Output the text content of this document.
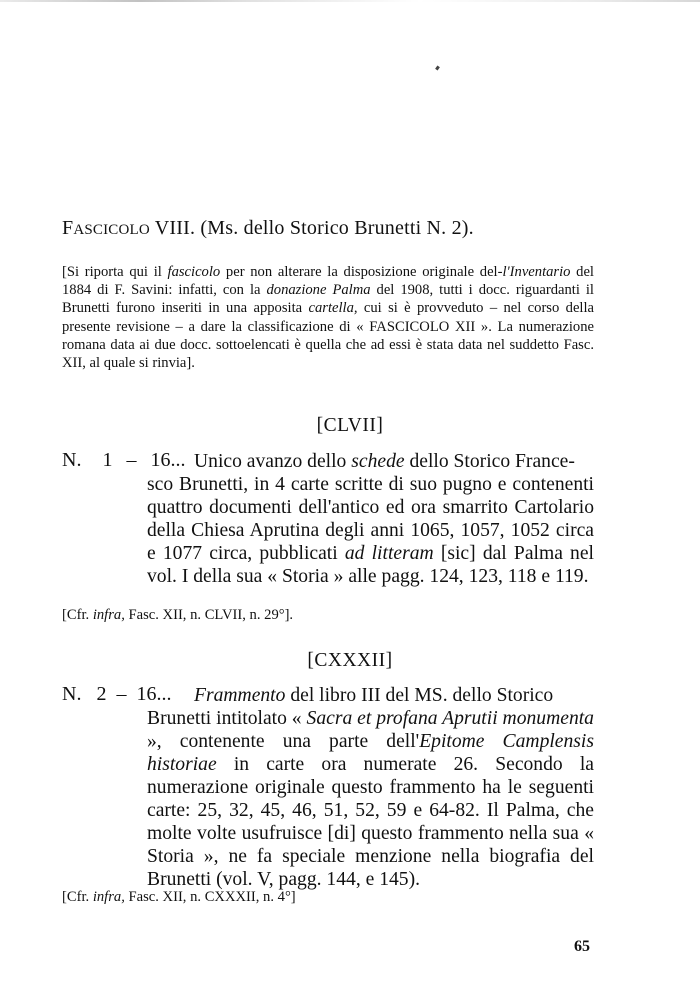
FASCICOLO VIII. (Ms. dello Storico Brunetti N. 2).
[Si riporta qui il fascicolo per non alterare la disposizione originale del-l'Inventario del 1884 di F. Savini: infatti, con la donazione Palma del 1908, tutti i docc. riguardanti il Brunetti furono inseriti in una apposita cartella, cui si è provveduto – nel corso della presente revisione – a dare la classificazione di « FASCICOLO XII ». La numerazione romana data ai due docc. sottoelencati è quella che ad essi è stata data nel suddetto Fasc. XII, al quale si rinvia].
[CLVII]
N.   1  –  16... Unico avanzo dello schede dello Storico France-
sco Brunetti, in 4 carte scritte di suo pugno e contenenti quattro documenti dell'antico ed ora smarrito Cartolario della Chiesa Aprutina degli anni 1065, 1057, 1052 circa e 1077 circa, pubblicati ad litteram [sic] dal Palma nel vol. I della sua « Storia » alle pagg. 124, 123, 118 e 119.
[Cfr. infra, Fasc. XII, n. CLVII, n. 29°].
[CXXXII]
N.   2  –  16... Frammento del libro III del MS. dello Storico
Brunetti intitolato « Sacra et profana Aprutii monumenta », contenente una parte dell'Epitome Camplensis historiae in carte ora numerate 26. Secondo la numerazione originale questo frammento ha le seguenti carte: 25, 32, 45, 46, 51, 52, 59 e 64-82. Il Palma, che molte volte usufruisce [di] questo frammento nella sua « Storia », ne fa speciale menzione nella biografia del Brunetti (vol. V, pagg. 144, e 145).
[Cfr. infra, Fasc. XII, n. CXXXII, n. 4°]
65
